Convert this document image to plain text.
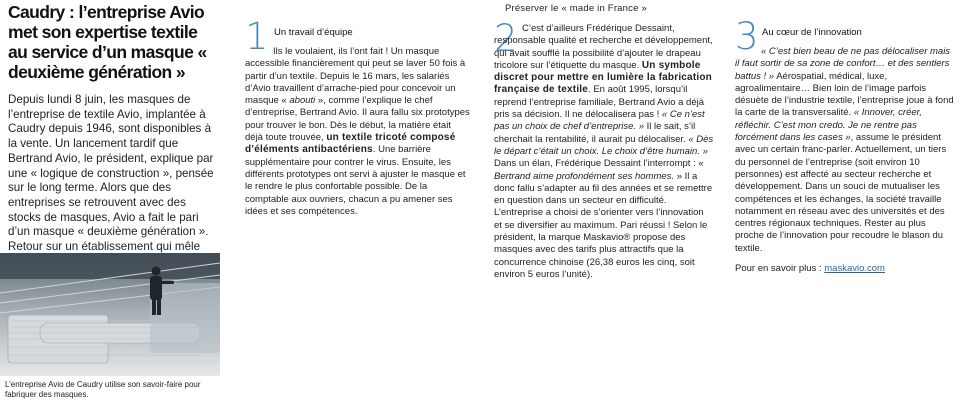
Caudry : l’entreprise Avio met son expertise textile au service d’un masque « deuxième génération »

Depuis lundi 8 juin, les masques de l’entreprise de textile Avio, implantée à Caudry depuis 1946, sont disponibles à la vente. Un lancement tardif que Bertrand Avio, le président, explique par une « logique de construction », pensée sur le long terme. Alors que des entreprises se retrouvent avec des stocks de masques, Avio a fait le pari d’un masque « deuxième génération ». Retour sur un établissement qui mêle

L’entreprise Avio de Caudry utilise son savoir-faire pour fabriquer des masques.
Préserver le « made in France »
1 Un travail d’équipe

Ils le voulaient, ils l’ont fait ! Un masque accessible financièrement qui peut se laver 50 fois à partir d’un textile. Depuis le 16 mars, les salariés d’Avio travaillent d’arrache-pied pour concevoir un masque « abouti », comme l’explique le chef d’entreprise, Bertrand Avio. Il aura fallu six prototypes pour trouver le bon. Dès le début, la matière était déjà toute trouvée, un textile tricoté composé d’éléments antibactériens. Une barrière supplémentaire pour contrer le virus. Ensuite, les différents prototypes ont servi à ajuster le masque et le rendre le plus confortable possible. De la comptable aux ouvriers, chacun a pu amener ses idées et ses compétences.

2 C’est d’ailleurs Frédérique Dessaint, responsable qualité et recherche et développement, qui avait soufflé la possibilité d’ajouter le drapeau tricolore sur l’étiquette du masque. Un symbole discret pour mettre en lumière la fabrication française de textile. En août 1995, lorsqu’il reprend l’entreprise familiale, Bertrand Avio a déjà pris sa décision. Il ne délocalisera pas ! « Ce n’est pas un choix de chef d’entreprise. » Il le sait, s’il cherchait la rentabilité, il aurait pu délocaliser. « Dès le départ c’était un choix. Le choix d’être humain. » Dans un élan, Frédérique Dessaint l’interrompt : « Bertrand aime profondément ses hommes. » Il a donc fallu s’adapter au fil des années et se remettre en question dans un secteur en difficulté. L’entreprise a choisi de s’orienter vers l’innovation et se diversifier au maximum. Pari réussi ! Selon le président, la marque Maskavio® propose des masques avec des tarifs plus attractifs que la concurrence chinoise (26,38 euros les cinq, soit environ 5 euros l’unité).

3 Au cœur de l’innovation

« C’est bien beau de ne pas délocaliser mais il faut sortir de sa zone de confort… et des sentiers battus ! » Aérospatial, médical, luxe, agroalimentaire… Bien loin de l’image parfois désuète de l’industrie textile, l’entreprise joue à fond la carte de la transversalité. « Innover, créer, réfléchir. C’est mon credo. Je ne rentre pas forcément dans les cases », assume le président avec un certain franc-parler. Actuellement, un tiers du personnel de l’entreprise (soit environ 10 personnes) est affecté au secteur recherche et développement. Dans un souci de mutualiser les compétences et les échanges, la société travaille notamment en réseau avec des universités et des centres régionaux techniques. Rester au plus proche de l’innovation pour recoudre le blason du textile.

Pour en savoir plus : maskavio.com
